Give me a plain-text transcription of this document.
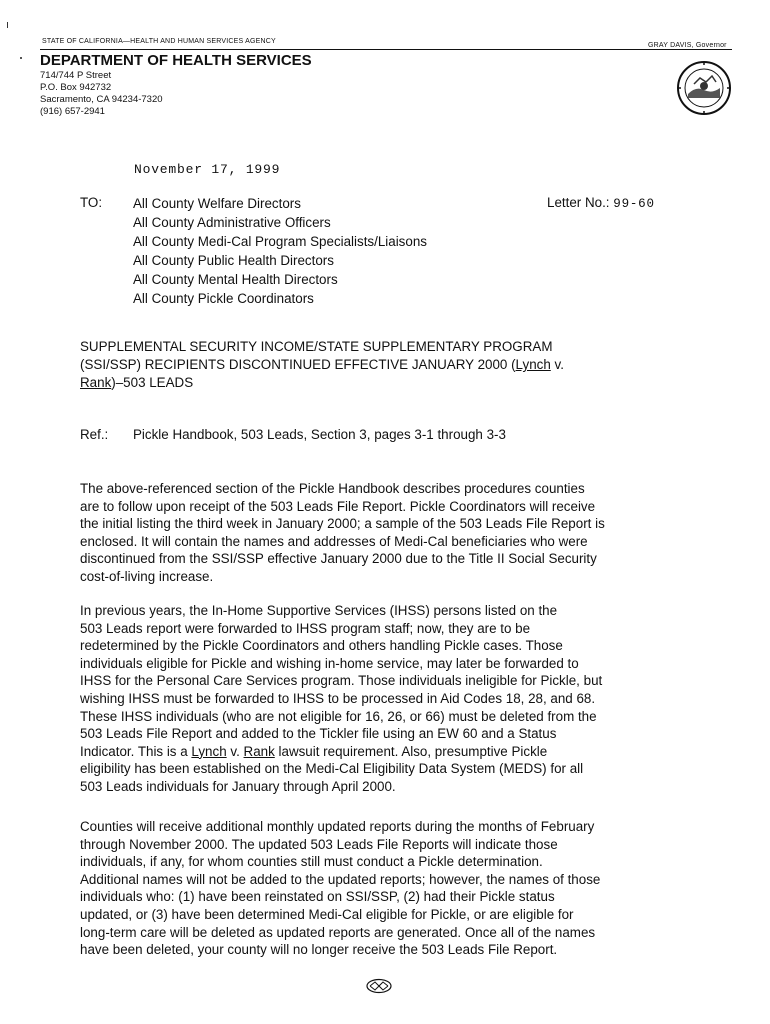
STATE OF CALIFORNIA—HEALTH AND HUMAN SERVICES AGENCY
GRAY DAVIS, Governor
DEPARTMENT OF HEALTH SERVICES
714/744 P Street
P.O. Box 942732
Sacramento, CA 94234-7320
(916) 657-2941
November 17, 1999
TO: All County Welfare Directors
All County Administrative Officers
All County Medi-Cal Program Specialists/Liaisons
All County Public Health Directors
All County Mental Health Directors
All County Pickle Coordinators
Letter No.: 99-60
SUPPLEMENTAL SECURITY INCOME/STATE SUPPLEMENTARY PROGRAM
(SSI/SSP) RECIPIENTS DISCONTINUED EFFECTIVE JANUARY 2000 (Lynch v.
Rank)–503 LEADS
Ref.: Pickle Handbook, 503 Leads, Section 3, pages 3-1 through 3-3
The above-referenced section of the Pickle Handbook describes procedures counties
are to follow upon receipt of the 503 Leads File Report. Pickle Coordinators will receive
the initial listing the third week in January 2000; a sample of the 503 Leads File Report is
enclosed. It will contain the names and addresses of Medi-Cal beneficiaries who were
discontinued from the SSI/SSP effective January 2000 due to the Title II Social Security
cost-of-living increase.
In previous years, the In-Home Supportive Services (IHSS) persons listed on the
503 Leads report were forwarded to IHSS program staff; now, they are to be
redetermined by the Pickle Coordinators and others handling Pickle cases. Those
individuals eligible for Pickle and wishing in-home service, may later be forwarded to
IHSS for the Personal Care Services program. Those individuals ineligible for Pickle, but
wishing IHSS must be forwarded to IHSS to be processed in Aid Codes 18, 28, and 68.
These IHSS individuals (who are not eligible for 16, 26, or 66) must be deleted from the
503 Leads File Report and added to the Tickler file using an EW 60 and a Status
Indicator. This is a Lynch v. Rank lawsuit requirement. Also, presumptive Pickle
eligibility has been established on the Medi-Cal Eligibility Data System (MEDS) for all
503 Leads individuals for January through April 2000.
Counties will receive additional monthly updated reports during the months of February
through November 2000. The updated 503 Leads File Reports will indicate those
individuals, if any, for whom counties still must conduct a Pickle determination.
Additional names will not be added to the updated reports; however, the names of those
individuals who: (1) have been reinstated on SSI/SSP, (2) had their Pickle status
updated, or (3) have been determined Medi-Cal eligible for Pickle, or are eligible for
long-term care will be deleted as updated reports are generated. Once all of the names
have been deleted, your county will no longer receive the 503 Leads File Report.
